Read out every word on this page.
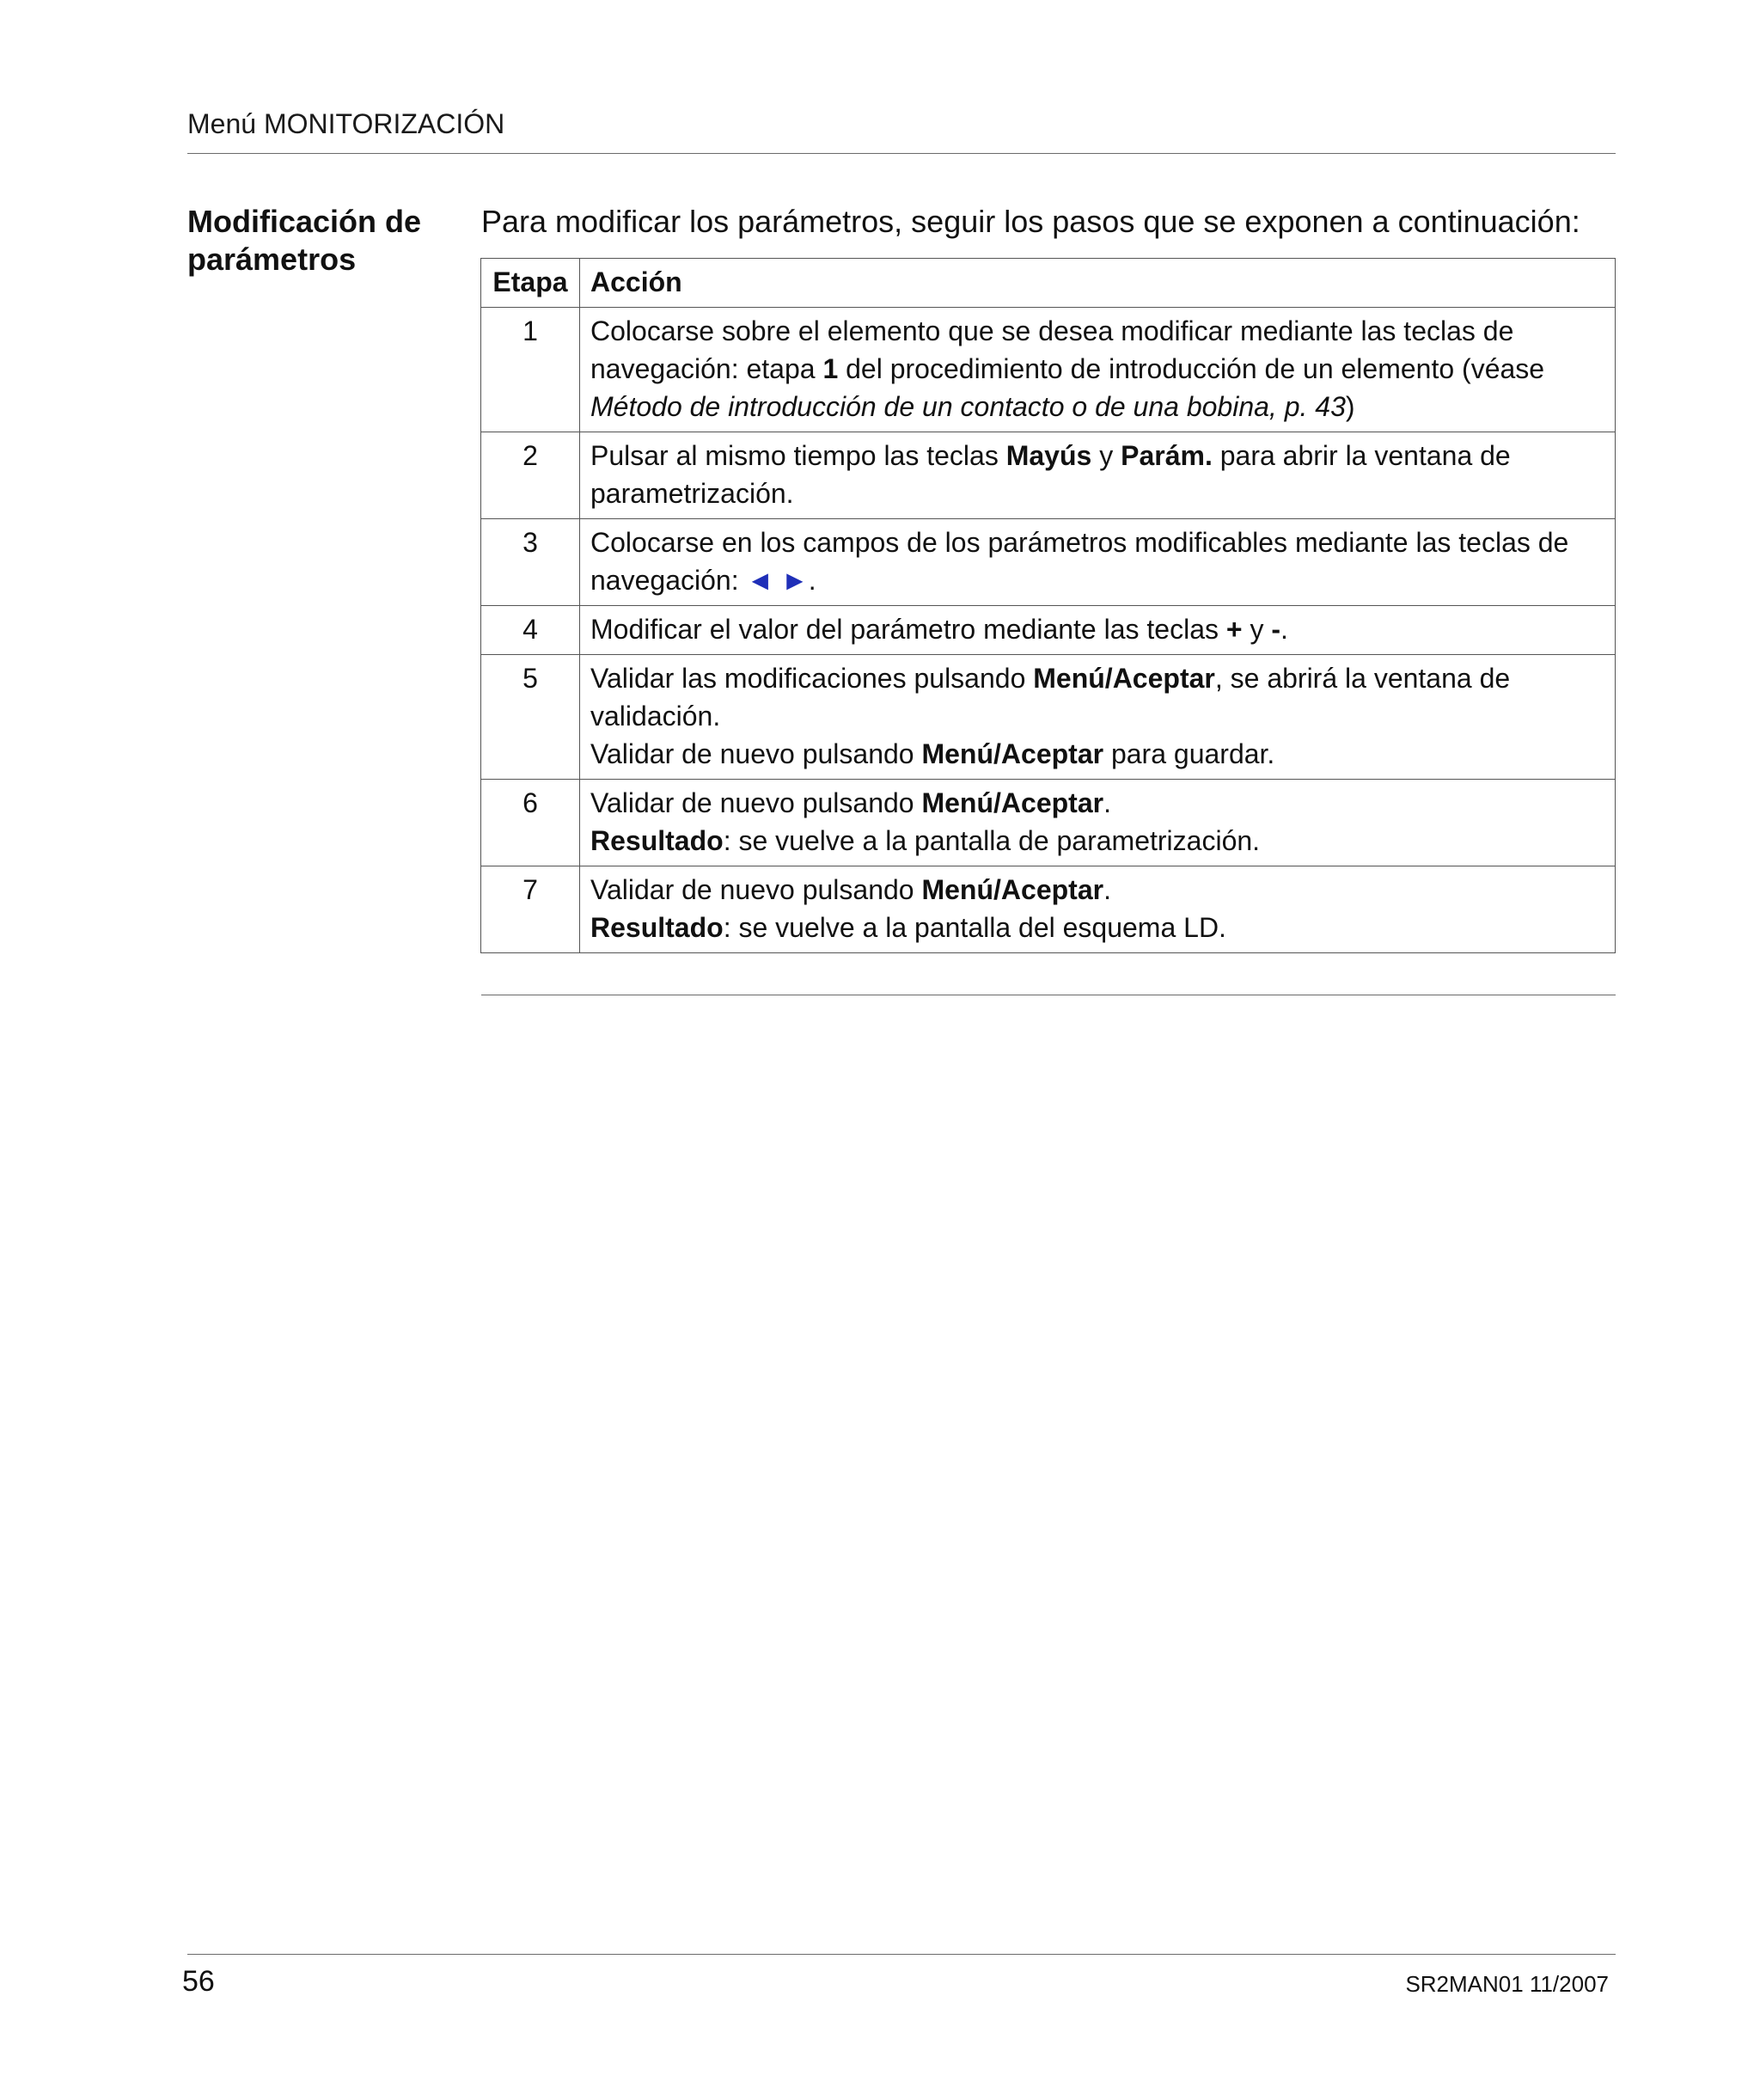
Menú MONITORIZACIÓN
Modificación de
parámetros
Para modificar los parámetros, seguir los pasos que se exponen a continuación:
Etapa	Acción
1	Colocarse sobre el elemento que se desea modificar mediante las teclas de navegación: etapa 1 del procedimiento de introducción de un elemento (véase
Método de introducción de un contacto o de una bobina, p. 43)
2	Pulsar al mismo tiempo las teclas Mayús y Parám. para abrir la ventana de parametrización.
3	Colocarse en los campos de los parámetros modificables mediante las teclas de navegación: ◄ ►.
4	Modificar el valor del parámetro mediante las teclas + y -.
5	Validar las modificaciones pulsando Menú/Aceptar, se abrirá la ventana de validación.
Validar de nuevo pulsando Menú/Aceptar para guardar.
6	Validar de nuevo pulsando Menú/Aceptar.
Resultado: se vuelve a la pantalla de parametrización.
7	Validar de nuevo pulsando Menú/Aceptar.
Resultado: se vuelve a la pantalla del esquema LD.
56	SR2MAN01 11/2007
